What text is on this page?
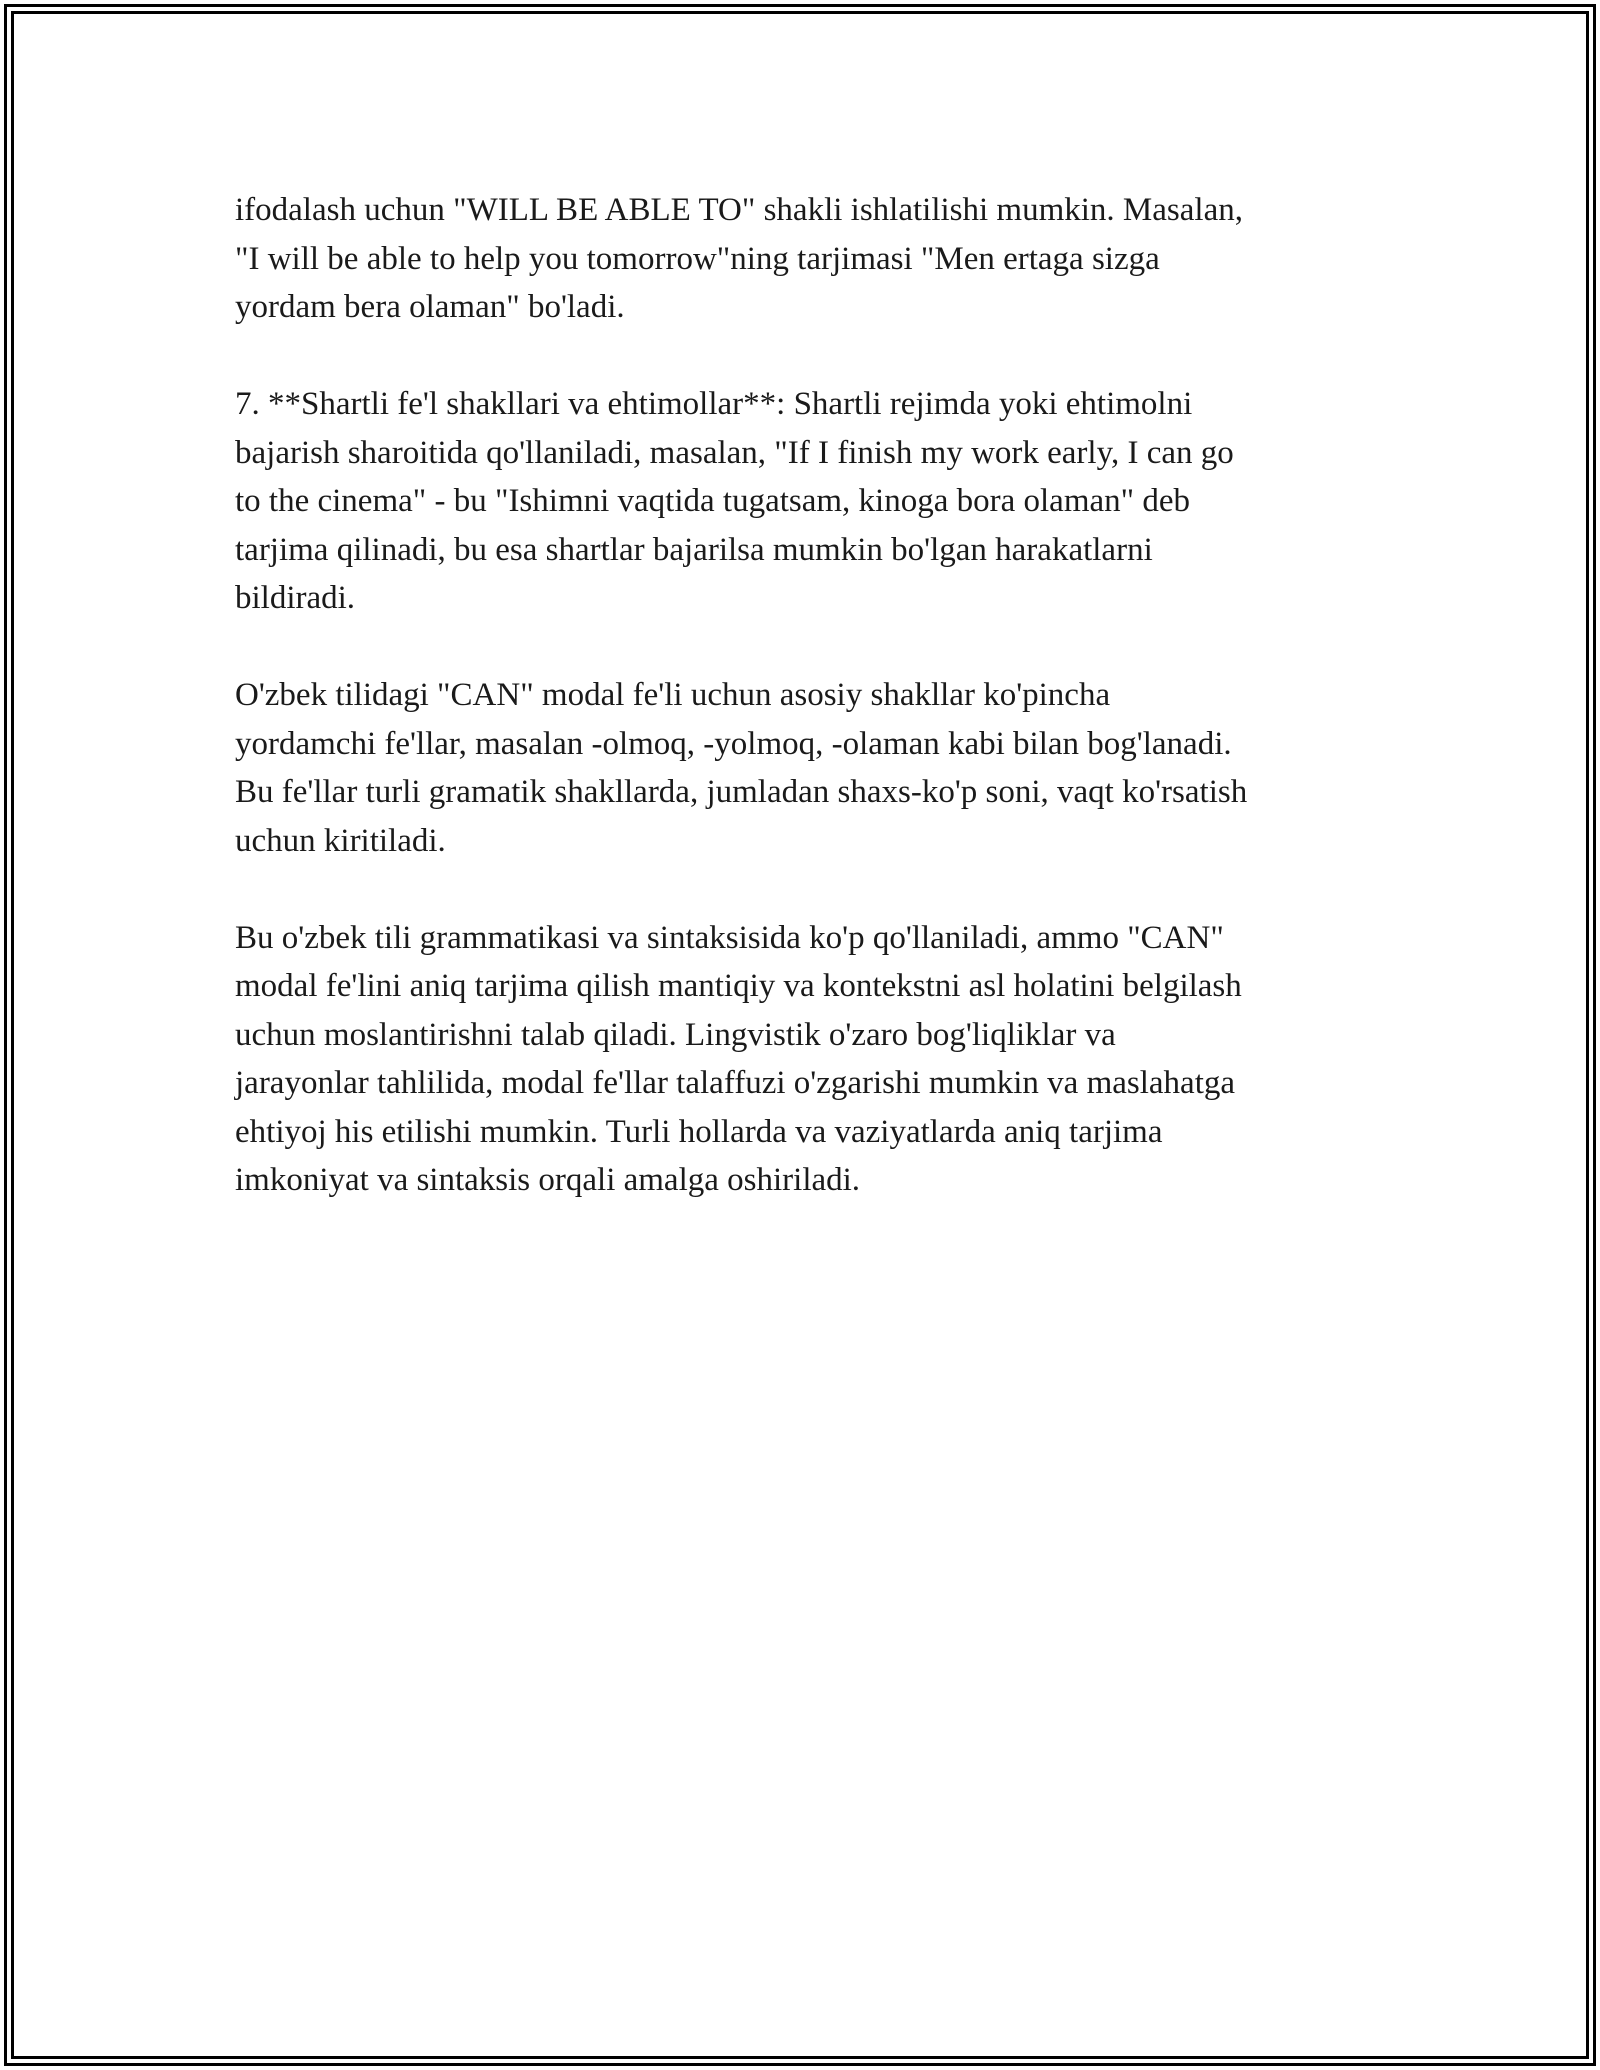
ifodalash uchun "WILL BE ABLE TO" shakli ishlatilishi mumkin. Masalan,
"I will be able to help you tomorrow"ning tarjimasi "Men ertaga sizga
yordam bera olaman" bo'ladi.

7. **Shartli fe'l shakllari va ehtimollar**: Shartli rejimda yoki ehtimolni
bajarish sharoitida qo'llaniladi, masalan, "If I finish my work early, I can go
to the cinema" - bu "Ishimni vaqtida tugatsam, kinoga bora olaman" deb
tarjima qilinadi, bu esa shartlar bajarilsa mumkin bo'lgan harakatlarni
bildiradi.

O'zbek tilidagi "CAN" modal fe'li uchun asosiy shakllar ko'pincha
yordamchi fe'llar, masalan -olmoq, -yolmoq, -olaman kabi bilan bog'lanadi.
Bu fe'llar turli gramatik shakllarda, jumladan shaxs-ko'p soni, vaqt ko'rsatish
uchun kiritiladi.

Bu o'zbek tili grammatikasi va sintaksisida ko'p qo'llaniladi, ammo "CAN"
modal fe'lini aniq tarjima qilish mantiqiy va kontekstni asl holatini belgilash
uchun moslantirishni talab qiladi. Lingvistik o'zaro bog'liqliklar va
jarayonlar tahlilida, modal fe'llar talaffuzi o'zgarishi mumkin va maslahatga
ehtiyoj his etilishi mumkin. Turli hollarda va vaziyatlarda aniq tarjima
imkoniyat va sintaksis orqali amalga oshiriladi.
